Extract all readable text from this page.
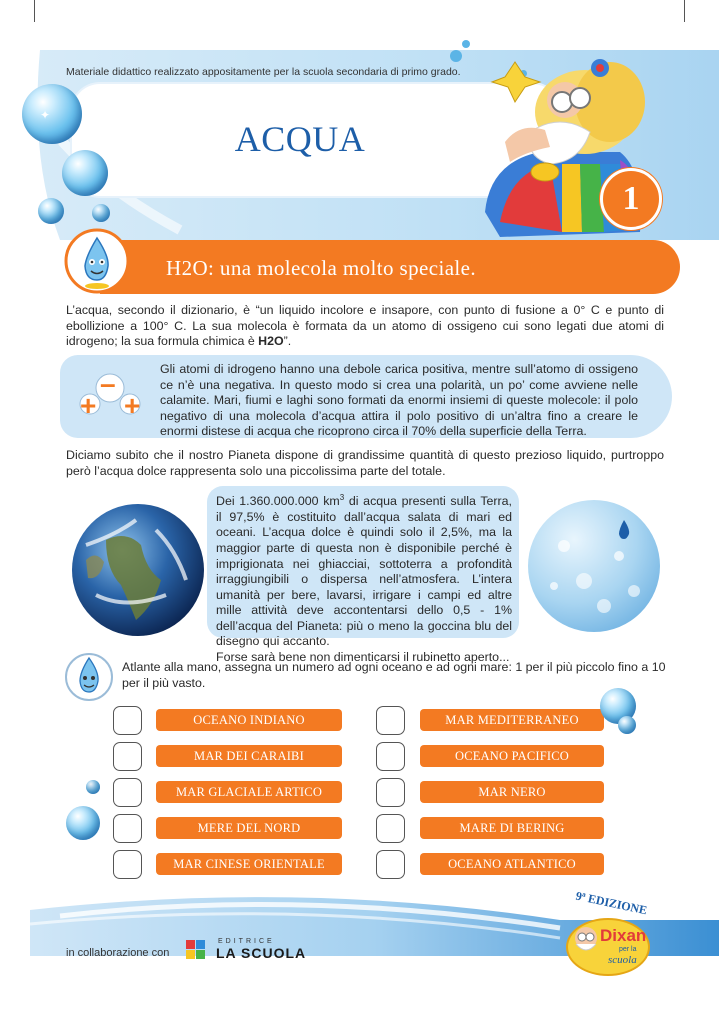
Materiale didattico realizzato appositamente per la scuola secondaria di primo grado.
ACQUA
✦
1
H2O: una molecola molto speciale.

L’acqua, secondo il dizionario, è “un liquido incolore e insapore, con punto di fusione a 0° C e punto di ebollizione a 100° C. La sua molecola è formata da un atomo di ossigeno cui sono legati due atomi di idrogeno; la sua formula chimica è H2O”.

–
+ +

Gli atomi di idrogeno hanno una debole carica positiva, mentre sull’atomo di ossigeno ce n’è una negativa. In questo modo si crea una polarità, un po’ come avviene nelle calamite. Mari, fiumi e laghi sono formati da enormi insiemi di queste molecole: il polo negativo di una molecola d’acqua attira il polo positivo di un’altra fino a creare le enormi distese di acqua che ricoprono circa il 70% della superficie della Terra.

Diciamo subito che il nostro Pianeta dispone di grandissime quantità di questo prezioso liquido, purtroppo però l’acqua dolce rappresenta solo una piccolissima parte del totale.

Dei 1.360.000.000 $km^3$ di acqua presenti sulla Terra, il 97,5% è costituito dall’acqua salata di mari ed oceani. L’acqua dolce è quindi solo il 2,5%, ma la maggior parte di questa non è disponibile perché è imprigionata nei ghiacciai, sottoterra a profondità irraggiungibili o dispersa nell’atmosfera. L’intera umanità per bere, lavarsi, irrigare i campi ed altre mille attività deve accontentarsi dello 0,5 - 1% dell’acqua del Pianeta: più o meno la goccina blu del disegno qui accanto.
Forse sarà bene non dimenticarsi il rubinetto aperto...

Atlante alla mano, assegna un numero ad ogni oceano e ad ogni mare: 1 per il più piccolo fino a 10 per il più vasto.

OCEANO INDIANO
MAR DEI CARAIBI
MAR GLACIALE ARTICO
MERE DEL NORD
MAR CINESE ORIENTALE
MAR MEDITERRANEO
OCEANO PACIFICO
MAR NERO
MARE DI BERING
OCEANO ATLANTICO
in collaborazione con
EDITRICE
LA SCUOLA
9ª EDIZIONE
Dixan
per la
scuola
